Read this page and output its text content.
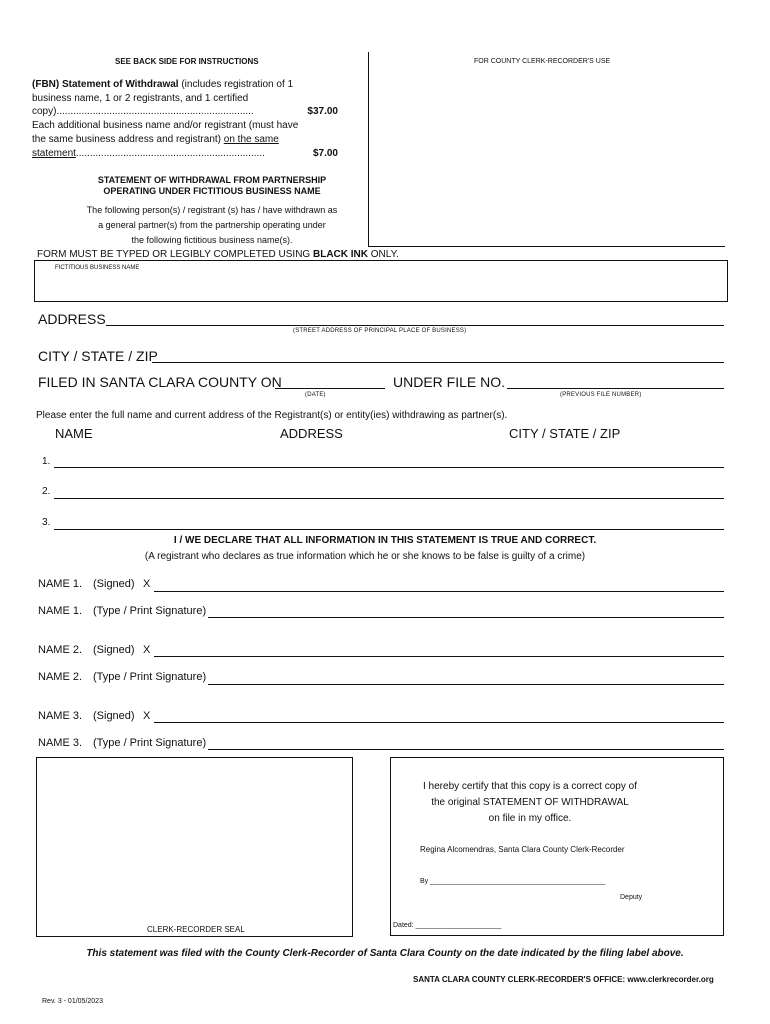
SEE BACK SIDE FOR INSTRUCTIONS	FOR COUNTY CLERK-RECORDER'S USE
(FBN) Statement of Withdrawal (includes registration of 1
business name, 1 or 2 registrants, and 1 certified
copy).......................................................................	$37.00
Each additional business name and/or registrant (must have
the same business address and registrant) on the same
statement....................................................................	$7.00
STATEMENT OF WITHDRAWAL FROM PARTNERSHIP
OPERATING UNDER FICTITIOUS BUSINESS NAME
The following person(s) / registrant (s) has / have withdrawn as
a general partner(s) from the partnership operating under
the following fictitious business name(s).
FORM MUST BE TYPED OR LEGIBLY COMPLETED USING BLACK INK ONLY.
FICTITIOUS BUSINESS NAME
ADDRESS
(STREET ADDRESS OF PRINCIPAL PLACE OF BUSINESS)
CITY / STATE / ZIP
FILED IN SANTA CLARA COUNTY ON
(DATE)
UNDER FILE NO.
(PREVIOUS FILE NUMBER)
Please enter the full name and current address of the Registrant(s) or entity(ies) withdrawing as partner(s).
NAME	ADDRESS	CITY / STATE / ZIP
1.
2.
3.
I / WE DECLARE THAT ALL INFORMATION IN THIS STATEMENT IS TRUE AND CORRECT.
(A registrant who declares as true information which he or she knows to be false is guilty of a crime)
NAME 1. (Signed) X
NAME 1. (Type / Print Signature)
NAME 2. (Signed) X
NAME 2. (Type / Print Signature)
NAME 3. (Signed) X
NAME 3. (Type / Print Signature)
CLERK-RECORDER SEAL
I hereby certify that this copy is a correct copy of
the original STATEMENT OF WITHDRAWAL
on file in my office.
Regina Alcomendras, Santa Clara County Clerk-Recorder
By _____________________________________________
Deputy
Dated: ______________________
This statement was filed with the County Clerk-Recorder of Santa Clara County on the date indicated by the filing label above.
SANTA CLARA COUNTY CLERK-RECORDER'S OFFICE: www.clerkrecorder.org
Rev. 3 - 01/05/2023
